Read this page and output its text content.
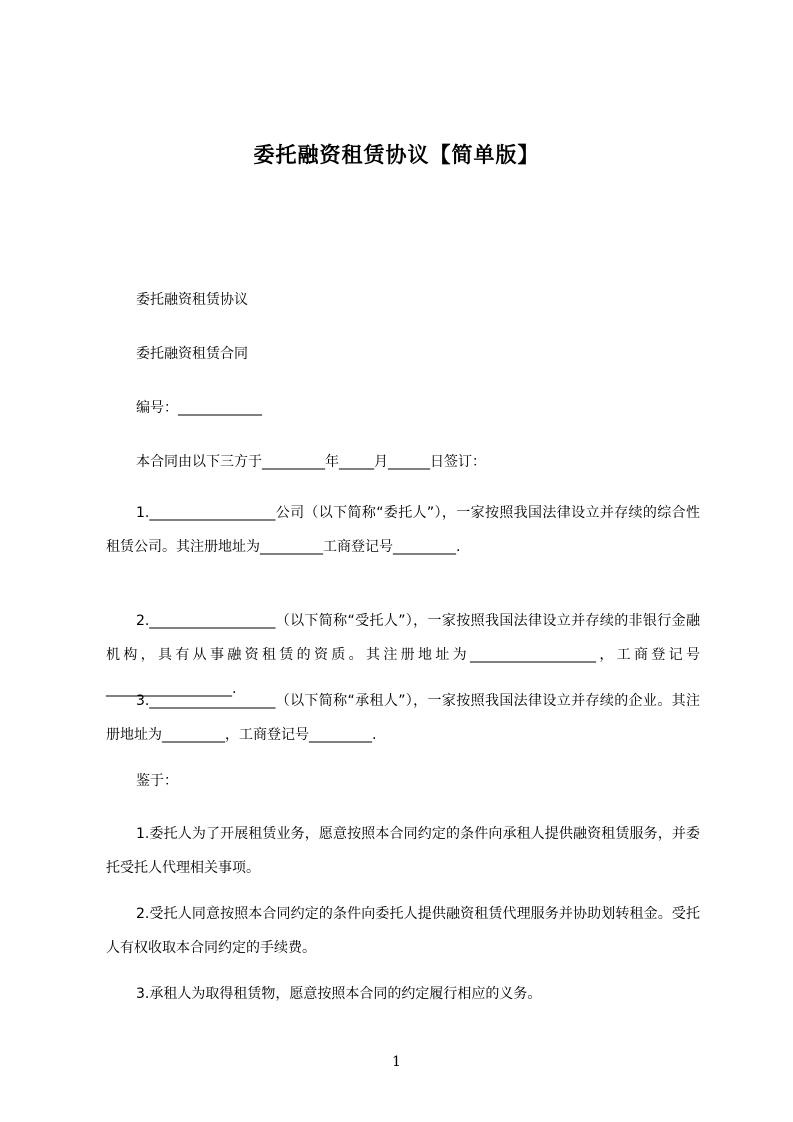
委托融资租赁协议【简单版】

委托融资租赁协议

委托融资租赁合同

编号：____________

本合同由以下三方于_________年_____月______日签订：

1.__________________公司（以下简称“委托人”），一家按照我国法律设立并存续的综合性租赁公司。其注册地址为_________工商登记号_________.

2.__________________（以下简称“受托人”），一家按照我国法律设立并存续的非银行金融机构，具有从事融资租赁的资质。其注册地址为__________________，工商登记号__________________.

3.__________________（以下简称“承租人”），一家按照我国法律设立并存续的企业。其注册地址为_________，工商登记号_________.

鉴于：

1.委托人为了开展租赁业务，愿意按照本合同约定的条件向承租人提供融资租赁服务，并委托受托人代理相关事项。

2.受托人同意按照本合同约定的条件向委托人提供融资租赁代理服务并协助划转租金。受托人有权收取本合同约定的手续费。

3.承租人为取得租赁物，愿意按照本合同的约定履行相应的义务。

1
